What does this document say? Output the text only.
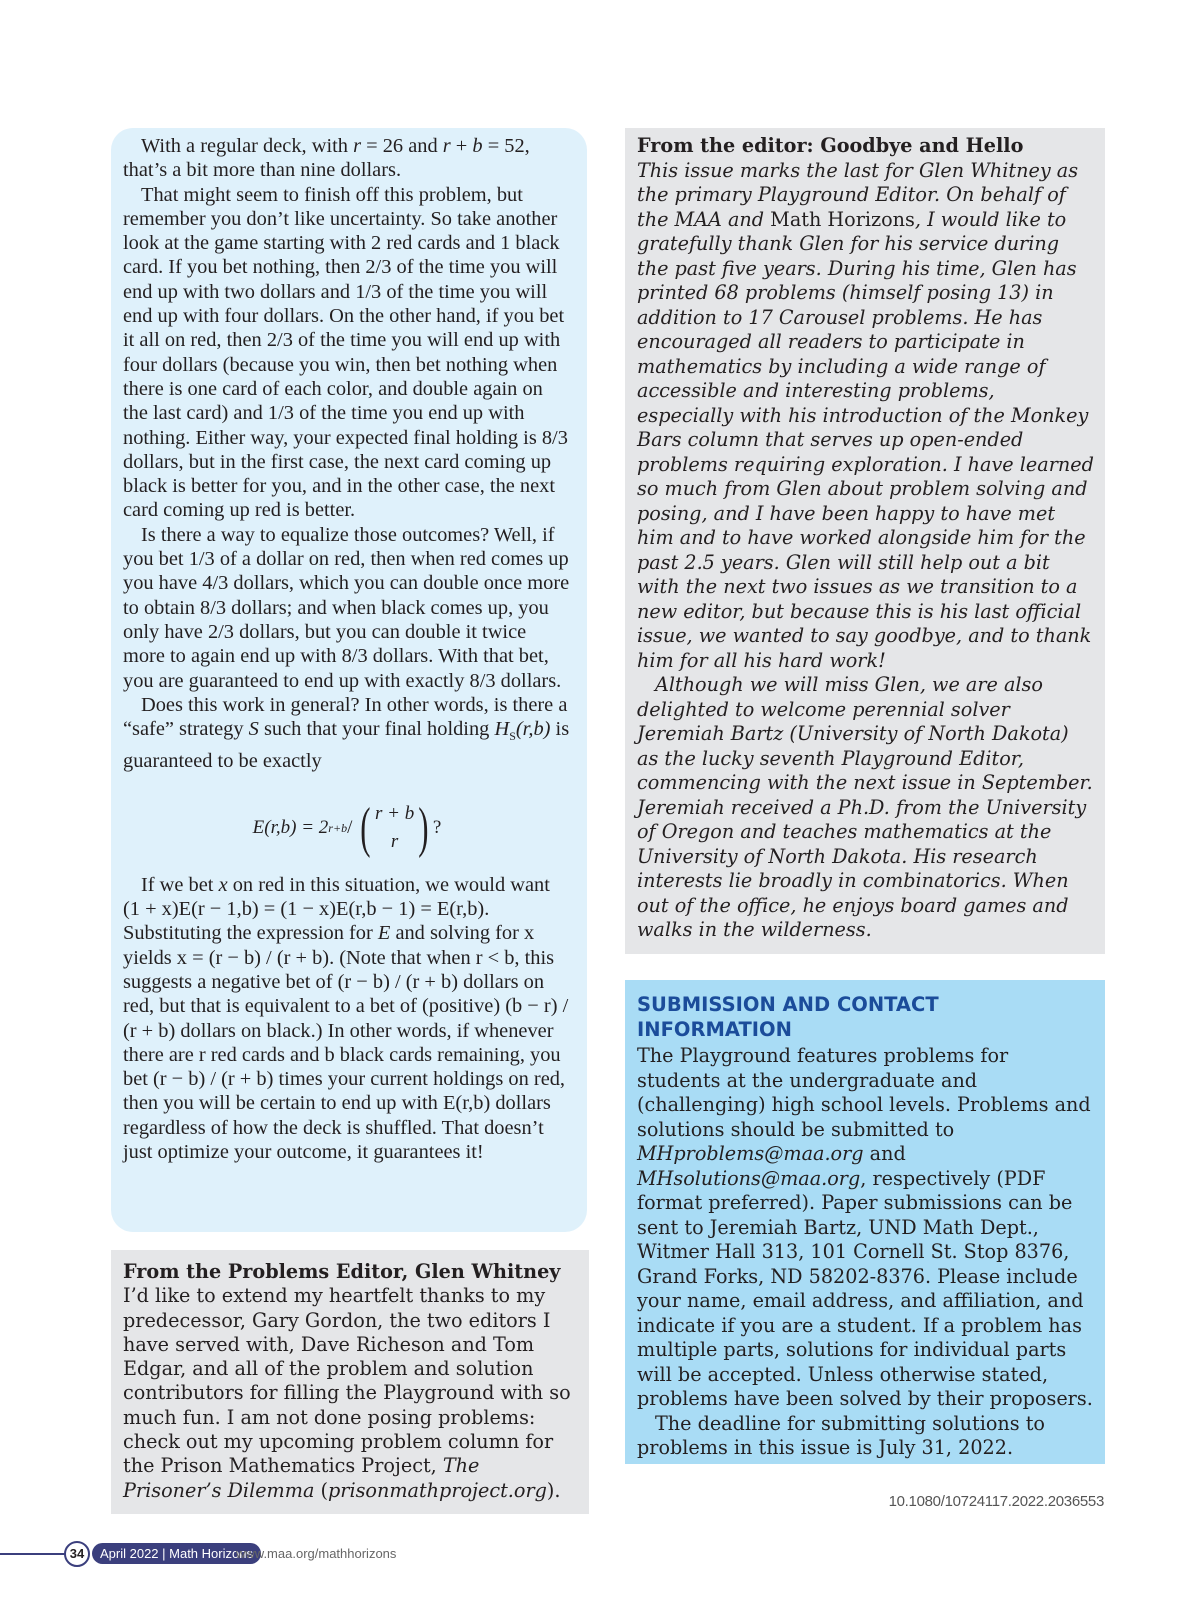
With a regular deck, with r = 26 and r + b = 52, that’s a bit more than nine dollars.

That might seem to finish off this problem, but remember you don’t like uncertainty. So take another look at the game starting with 2 red cards and 1 black card. If you bet nothing, then 2/3 of the time you will end up with two dollars and 1/3 of the time you will end up with four dollars. On the other hand, if you bet it all on red, then 2/3 of the time you will end up with four dollars (because you win, then bet nothing when there is one card of each color, and double again on the last card) and 1/3 of the time you end up with nothing. Either way, your expected final holding is 8/3 dollars, but in the first case, the next card coming up black is better for you, and in the other case, the next card coming up red is better.

Is there a way to equalize those outcomes? Well, if you bet 1/3 of a dollar on red, then when red comes up you have 4/3 dollars, which you can double once more to obtain 8/3 dollars; and when black comes up, you only have 2/3 dollars, but you can double it twice more to again end up with 8/3 dollars. With that bet, you are guaranteed to end up with exactly 8/3 dollars.

Does this work in general? In other words, is there a “safe” strategy S such that your final holding $H_S(r,b)$ is guaranteed to be exactly

E(r,b) = 2 r+b / ( r + b
r ) ?

If we bet x on red in this situation, we would want (1 + x)E(r − 1,b) = (1 − x)E(r,b − 1) = E(r,b). Substituting the expression for E and solving for x yields x = (r − b) / (r + b). (Note that when r < b, this suggests a negative bet of (r − b) / (r + b) dollars on red, but that is equivalent to a bet of (positive) (b − r) / (r + b) dollars on black.) In other words, if whenever there are r red cards and b black cards remaining, you bet (r − b) / (r + b) times your current holdings on red, then you will be certain to end up with E(r,b) dollars regardless of how the deck is shuffled. That doesn’t just optimize your outcome, it guarantees it!

From the Problems Editor, Glen Whitney
I’d like to extend my heartfelt thanks to my predecessor, Gary Gordon, the two editors I have served with, Dave Richeson and Tom Edgar, and all of the problem and solution contributors for filling the Playground with so much fun. I am not done posing problems: check out my upcoming problem column for the Prison Mathematics Project, The Prisoner’s Dilemma (prisonmathproject.org).
From the editor: Goodbye and Hello

This issue marks the last for Glen Whitney as the primary Playground Editor. On behalf of the MAA and Math Horizons, I would like to gratefully thank Glen for his service during the past five years. During his time, Glen has printed 68 problems (himself posing 13) in addition to 17 Carousel problems. He has encouraged all readers to participate in mathematics by including a wide range of accessible and interesting problems, especially with his introduction of the Monkey Bars column that serves up open-ended problems requiring exploration. I have learned so much from Glen about problem solving and posing, and I have been happy to have met him and to have worked alongside him for the past 2.5 years. Glen will still help out a bit with the next two issues as we transition to a new editor, but because this is his last official issue, we wanted to say goodbye, and to thank him for all his hard work!

Although we will miss Glen, we are also delighted to welcome perennial solver Jeremiah Bartz (University of North Dakota) as the lucky seventh Playground Editor, commencing with the next issue in September. Jeremiah received a Ph.D. from the University of Oregon and teaches mathematics at the University of North Dakota. His research interests lie broadly in combinatorics. When out of the office, he enjoys board games and walks in the wilderness.

SUBMISSION AND CONTACT INFORMATION

The Playground features problems for students at the undergraduate and (challenging) high school levels. Problems and solutions should be submitted to MHproblems@maa.org and MHsolutions@maa.org, respectively (PDF format preferred). Paper submissions can be sent to Jeremiah Bartz, UND Math Dept., Witmer Hall 313, 101 Cornell St. Stop 8376, Grand Forks, ND 58202-8376. Please include your name, email address, and affiliation, and indicate if you are a student. If a problem has multiple parts, solutions for individual parts will be accepted. Unless otherwise stated, problems have been solved by their proposers.

The deadline for submitting solutions to problems in this issue is July 31, 2022.

10.1080/10724117.2022.2036553
34	April 2022 | Math Horizons
www.maa.org/mathhorizons
